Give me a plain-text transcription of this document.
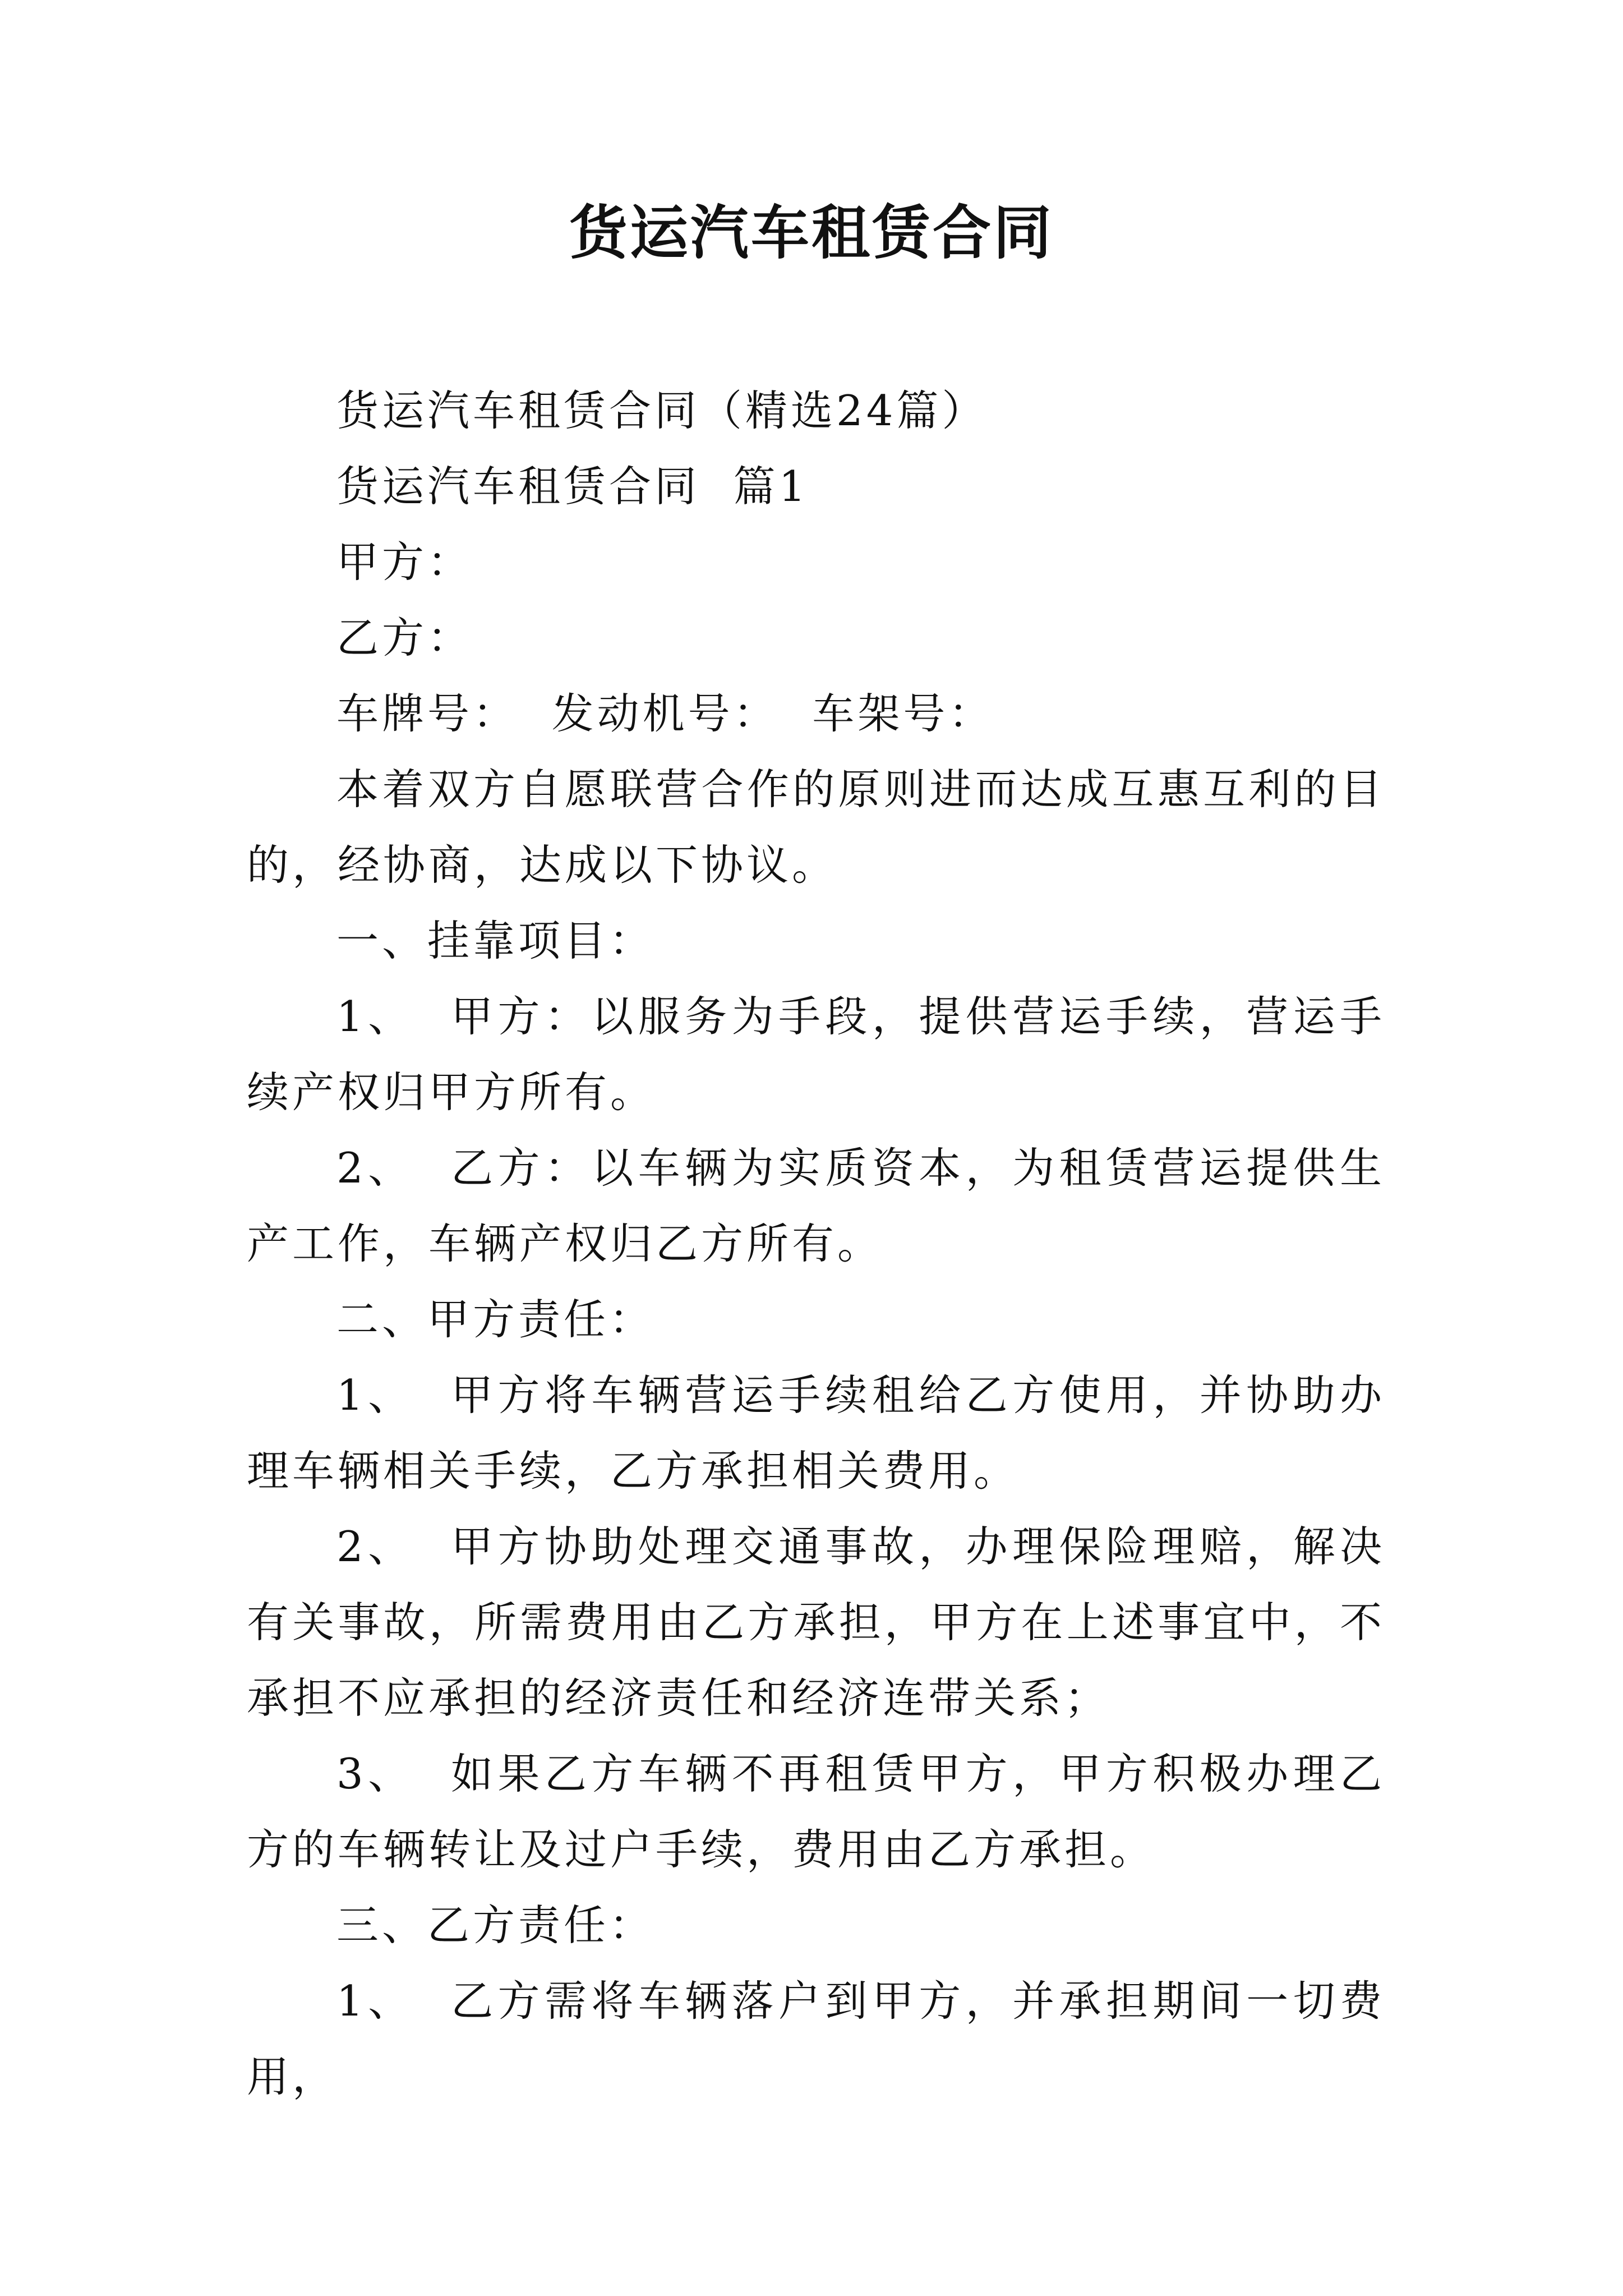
货运汽车租赁合同

货运汽车租赁合同（精选24篇）

货运汽车租赁合同  篇1

甲方：

乙方：

车牌号：  发动机号：  车架号：

本着双方自愿联营合作的原则进而达成互惠互利的目的，经协商，达成以下协议。

一、挂靠项目：

1、  甲方：以服务为手段，提供营运手续，营运手续产权归甲方所有。

2、  乙方：以车辆为实质资本，为租赁营运提供生产工作，车辆产权归乙方所有。

二、甲方责任：

1、  甲方将车辆营运手续租给乙方使用，并协助办理车辆相关手续，乙方承担相关费用。

2、  甲方协助处理交通事故，办理保险理赔，解决有关事故，所需费用由乙方承担，甲方在上述事宜中，不承担不应承担的经济责任和经济连带关系；

3、  如果乙方车辆不再租赁甲方，甲方积极办理乙方的车辆转让及过户手续，费用由乙方承担。

三、乙方责任：

1、  乙方需将车辆落户到甲方，并承担期间一切费用，
